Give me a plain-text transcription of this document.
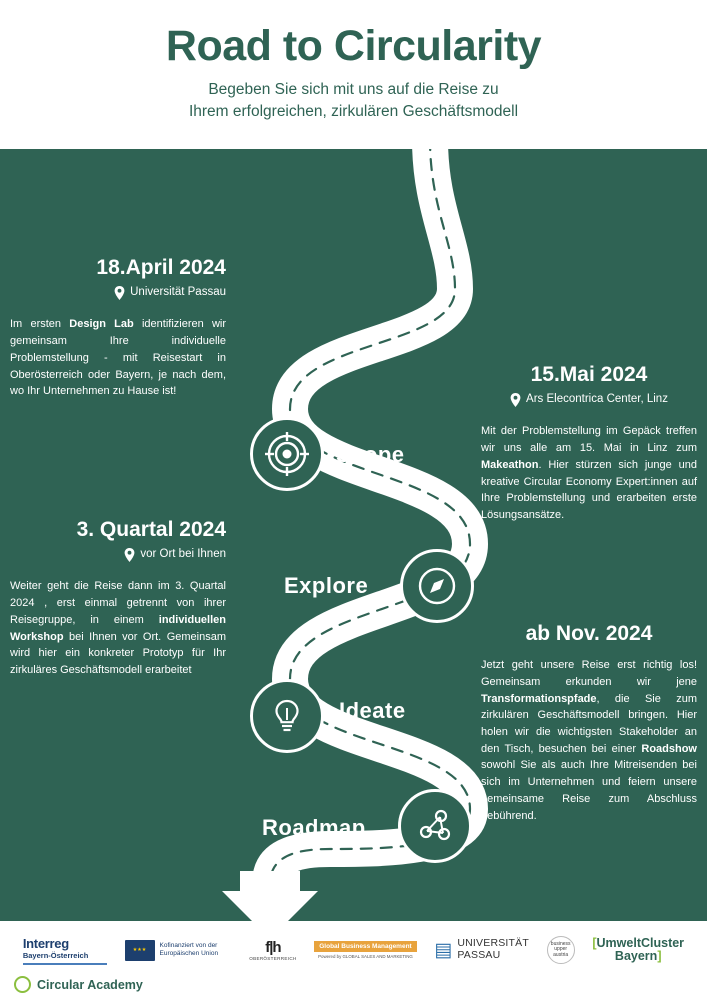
Road to Circularity
Begeben Sie sich mit uns auf die Reise zu
Ihrem erfolgreichen, zirkulären Geschäftsmodell
Scope
18.April 2024
Universität Passau
Im ersten Design Lab identifizieren wir gemeinsam Ihre individuelle Problemstellung - mit Reisestart in Oberösterreich oder Bayern, je nach dem, wo Ihr Unternehmen zu Hause ist!
Explore
15.Mai 2024
Ars Elecontrica Center, Linz
Mit der Problemstellung im Gepäck treffen wir uns alle am 15. Mai in Linz zum Makeathon. Hier stürzen sich junge und kreative Circular Economy Expert:innen auf Ihre Problemstellung und erarbeiten erste Lösungsansätze.
Ideate
3. Quartal 2024
vor Ort bei Ihnen
Weiter geht die Reise dann im 3. Quartal 2024 , erst einmal getrennt von ihrer Reisegruppe, in einem individuellen Workshop bei Ihnen vor Ort. Gemeinsam wird hier ein konkreter Prototyp für Ihr zirkuläres Geschäftsmodell erarbeitet
Roadmap
ab Nov. 2024
Jetzt geht unsere Reise erst richtig los! Gemeinsam erkunden wir jene Transformationspfade, die Sie zum zirkulären Geschäftsmodell bringen. Hier holen wir die wichtigsten Stakeholder an den Tisch, besuchen bei einer Roadshow sowohl Sie als auch Ihre Mitreisenden bei sich im Unternehmen und feiern unsere gemeinsame Reise zum Abschluss gebührend.
Interreg
Bayern-Österreich
★★★
Kofinanziert von der Europäischen Union	f|h
OBERÖSTERREICH
Global Business Management
Powered by GLOBAL SALES AND MARKETING ▤ UNIVERSITÄT
PASSAU
business upper austria
[UmweltCluster
Bayern]
Circular Academy
